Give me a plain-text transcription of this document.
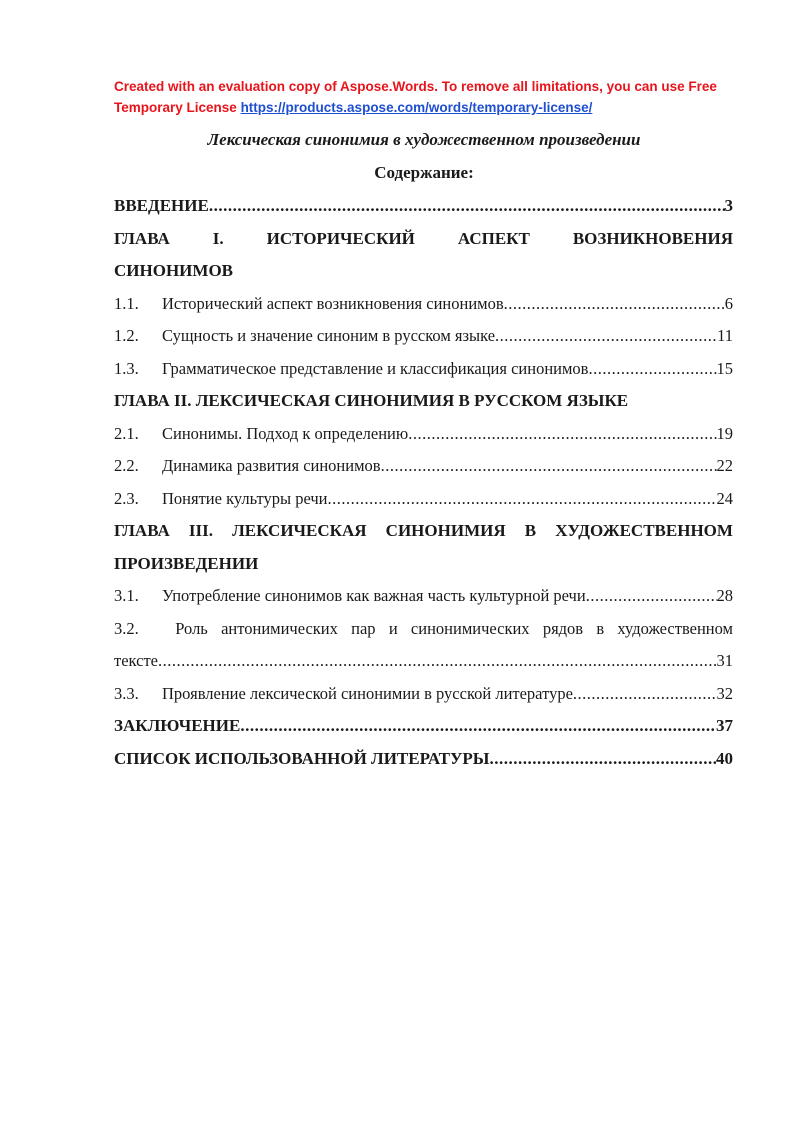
Created with an evaluation copy of Aspose.Words. To remove all limitations, you can use Free Temporary License https://products.aspose.com/words/temporary-license/
Лексическая синонимия в художественном произведении
Содержание:
ВВЕДЕНИЕ .....	3
ГЛАВА	I.	ИСТОРИЧЕСКИЙ	АСПЕКТ	ВОЗНИКНОВЕНИЯ
СИНОНИМОВ
1.1.	Исторический аспект возникновения синонимов .....	6
1.2.	Сущность и значение синоним в русском языке .....	11
1.3.	Грамматическое представление и классификация синонимов .....	15
ГЛАВА II. ЛЕКСИЧЕСКАЯ СИНОНИМИЯ В РУССКОМ ЯЗЫКЕ
2.1.	Синонимы. Подход к определению .....	19
2.2.	Динамика развития синонимов .....	22
2.3.	Понятие культуры речи .....	24
ГЛАВА III. ЛЕКСИЧЕСКАЯ СИНОНИМИЯ В ХУДОЖЕСТВЕННОМ
ПРОИЗВЕДЕНИИ
3.1.	Употребление синонимов как важная часть культурной речи .....	28
3.2.	Роль антонимических пар и синонимических рядов в художественном
тексте .....	31
3.3.	Проявление лексической синонимии в русской литературе .....	32
ЗАКЛЮЧЕНИЕ .....	37
СПИСОК ИСПОЛЬЗОВАННОЙ ЛИТЕРАТУРЫ .....	40
